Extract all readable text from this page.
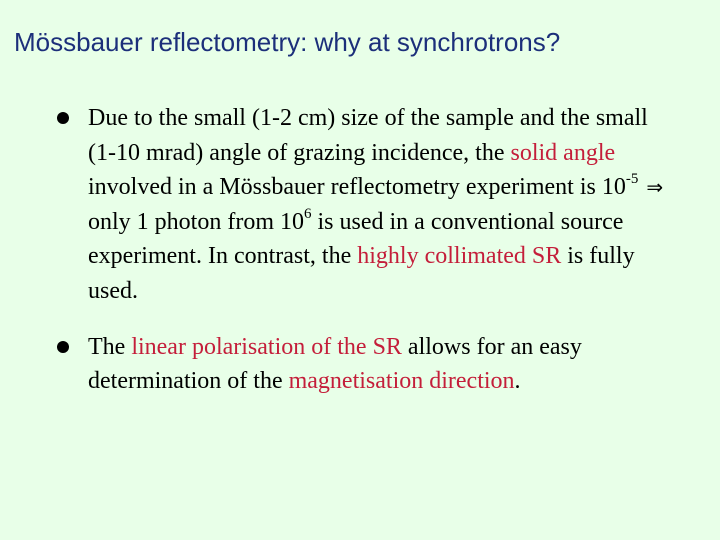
Mössbauer reflectometry: why at synchrotrons?
Due to the small (1-2 cm) size of the sample and the small (1-10 mrad) angle of grazing incidence, the solid angle involved in a Mössbauer reflectometry experiment is $10^{-5}$ ⇒ only 1 photon from $10^6$ is used in a conventional source experiment. In contrast, the highly collimated SR is fully used.
The linear polarisation of the SR allows for an easy determination of the magnetisation direction.
